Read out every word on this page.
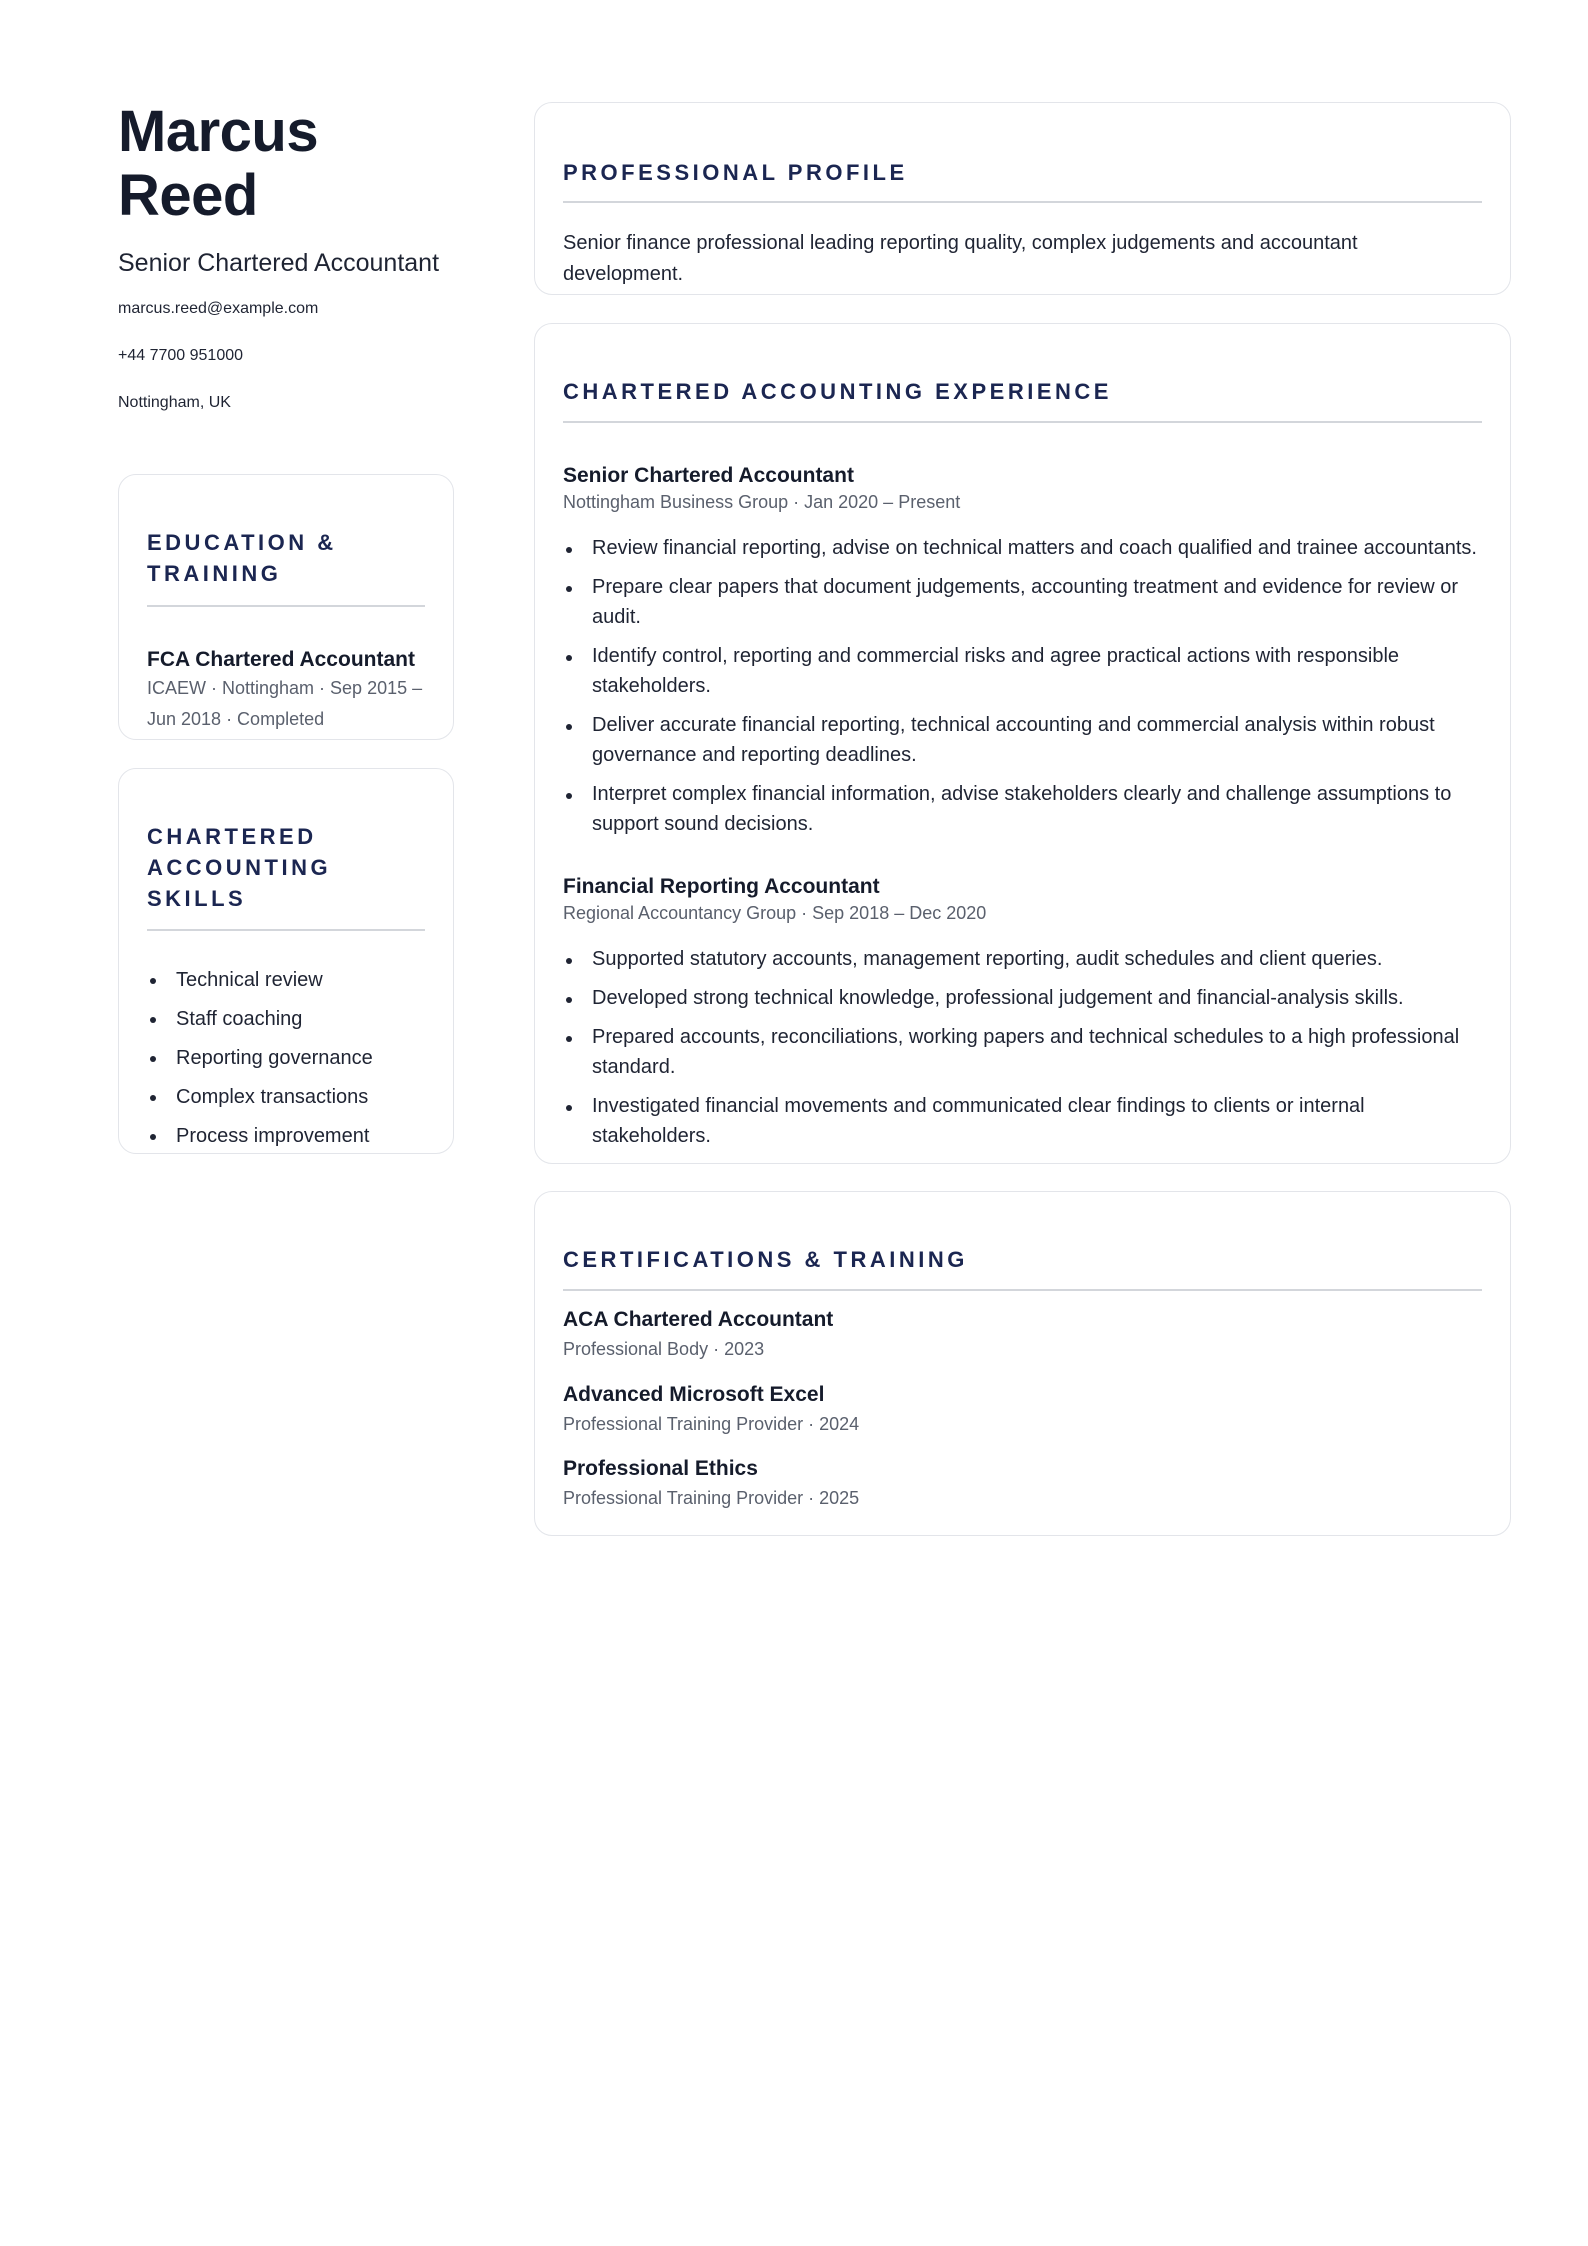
Marcus Reed
Senior Chartered Accountant
marcus.reed@example.com
+44 7700 951000
Nottingham, UK
EDUCATION & TRAINING
FCA Chartered Accountant
ICAEW · Nottingham · Sep 2015 – Jun 2018 · Completed
CHARTERED ACCOUNTING SKILLS
Technical review
Staff coaching
Reporting governance
Complex transactions
Process improvement
PROFESSIONAL PROFILE
Senior finance professional leading reporting quality, complex judgements and accountant development.
CHARTERED ACCOUNTING EXPERIENCE
Senior Chartered Accountant
Nottingham Business Group · Jan 2020 – Present
Review financial reporting, advise on technical matters and coach qualified and trainee accountants.
Prepare clear papers that document judgements, accounting treatment and evidence for review or audit.
Identify control, reporting and commercial risks and agree practical actions with responsible stakeholders.
Deliver accurate financial reporting, technical accounting and commercial analysis within robust governance and reporting deadlines.
Interpret complex financial information, advise stakeholders clearly and challenge assumptions to support sound decisions.
Financial Reporting Accountant
Regional Accountancy Group · Sep 2018 – Dec 2020
Supported statutory accounts, management reporting, audit schedules and client queries.
Developed strong technical knowledge, professional judgement and financial-analysis skills.
Prepared accounts, reconciliations, working papers and technical schedules to a high professional standard.
Investigated financial movements and communicated clear findings to clients or internal stakeholders.
CERTIFICATIONS & TRAINING
ACA Chartered Accountant
Professional Body · 2023
Advanced Microsoft Excel
Professional Training Provider · 2024
Professional Ethics
Professional Training Provider · 2025
